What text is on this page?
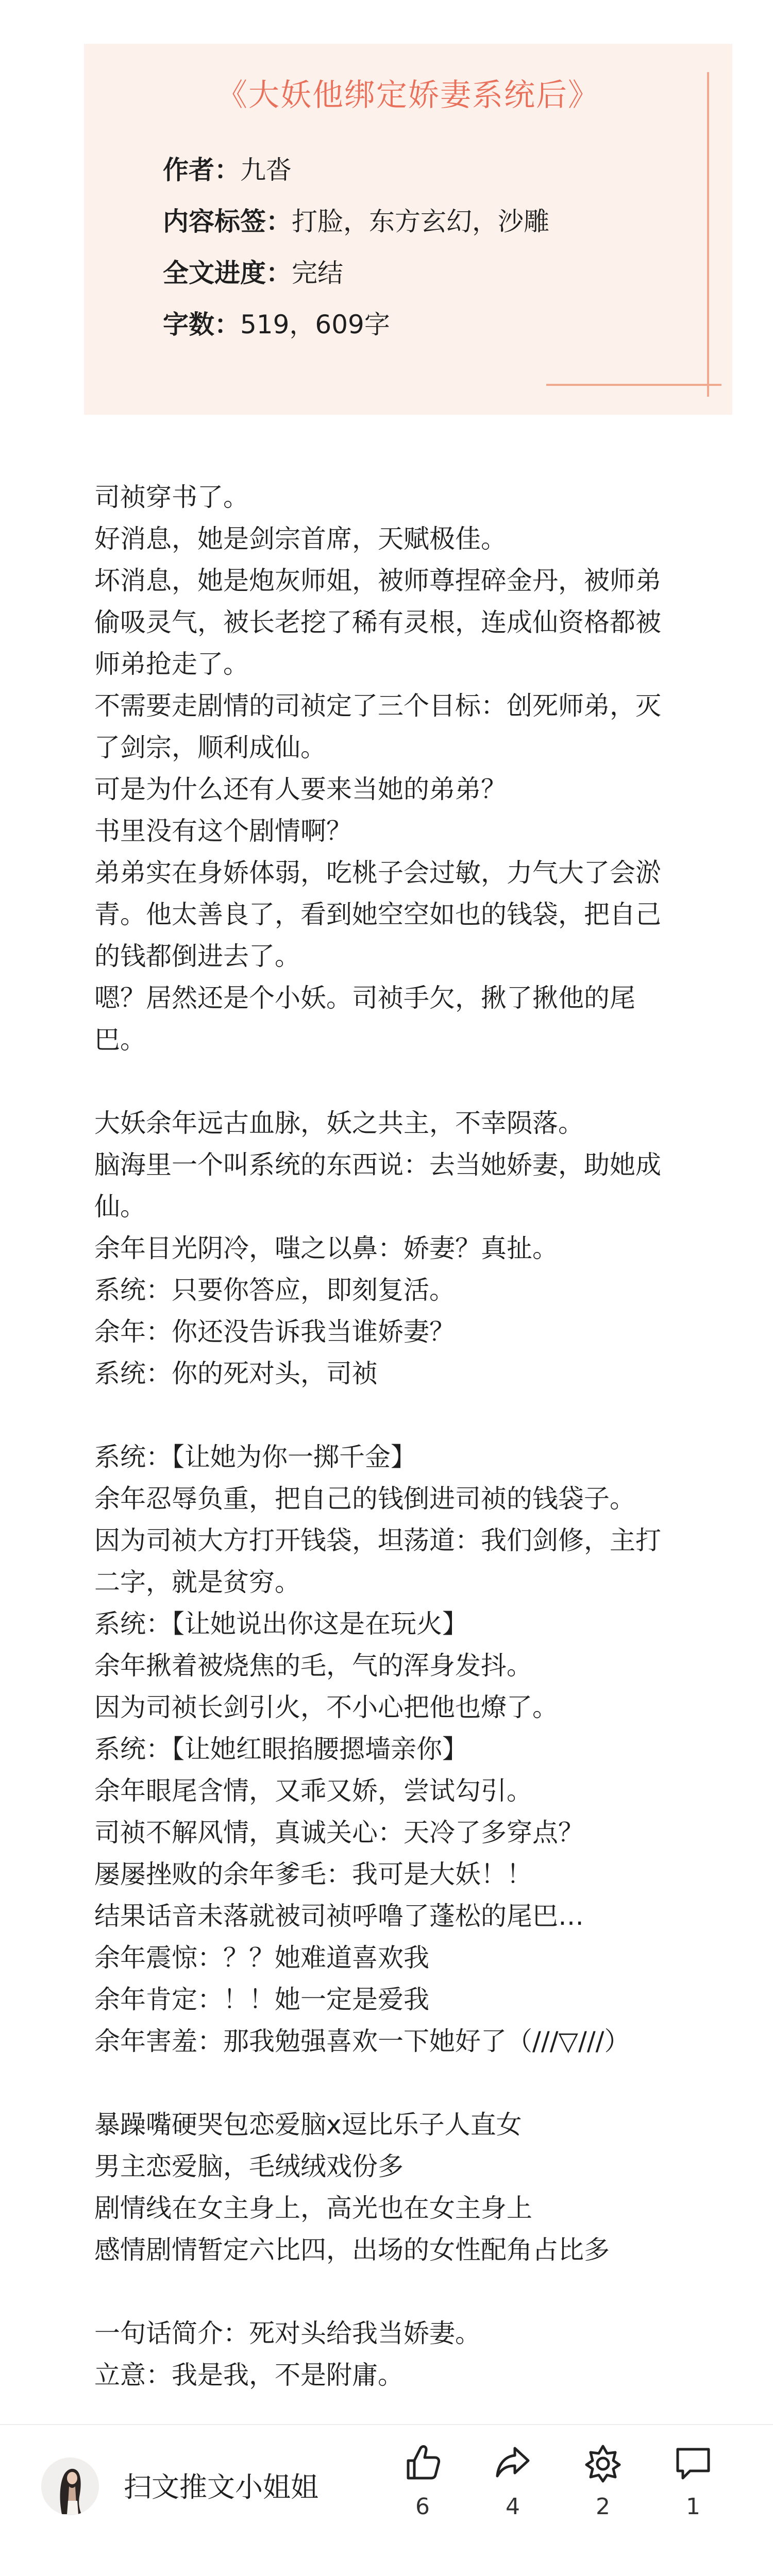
《大妖他绑定娇妻系统后》
作者：九沓
内容标签：打脸，东方玄幻，沙雕
全文进度：完结
字数：519，609字

司祯穿书了。

好消息，她是剑宗首席，天赋极佳。

坏消息，她是炮灰师姐，被师尊捏碎金丹，被师弟偷吸灵气，被长老挖了稀有灵根，连成仙资格都被师弟抢走了。

不需要走剧情的司祯定了三个目标：创死师弟，灭了剑宗，顺利成仙。

可是为什么还有人要来当她的弟弟？

书里没有这个剧情啊？

弟弟实在身娇体弱，吃桃子会过敏，力气大了会淤青。他太善良了，看到她空空如也的钱袋，把自己的钱都倒进去了。

嗯？居然还是个小妖。司祯手欠，揪了揪他的尾巴。

大妖余年远古血脉，妖之共主，不幸陨落。

脑海里一个叫系统的东西说：去当她娇妻，助她成仙。

余年目光阴冷，嗤之以鼻：娇妻？真扯。

系统：只要你答应，即刻复活。

余年：你还没告诉我当谁娇妻？

系统：你的死对头，司祯

系统：【让她为你一掷千金】

余年忍辱负重，把自己的钱倒进司祯的钱袋子。

因为司祯大方打开钱袋，坦荡道：我们剑修，主打二字，就是贫穷。

系统：【让她说出你这是在玩火】

余年揪着被烧焦的毛，气的浑身发抖。

因为司祯长剑引火，不小心把他也燎了。

系统：【让她红眼掐腰摁墙亲你】

余年眼尾含情，又乖又娇，尝试勾引。

司祯不解风情，真诚关心：天冷了多穿点？

屡屡挫败的余年爹毛：我可是大妖！！

结果话音未落就被司祯呼噜了蓬松的尾巴…

余年震惊：？？她难道喜欢我

余年肯定：！！她一定是爱我

余年害羞：那我勉强喜欢一下她好了（///▽///）

暴躁嘴硬哭包恋爱脑x逗比乐子人直女

男主恋爱脑，毛绒绒戏份多

剧情线在女主身上，高光也在女主身上

感情剧情暂定六比四，出场的女性配角占比多

一句话简介：死对头给我当娇妻。

立意：我是我，不是附庸。

扫文推文小姐姐
6	4	2	1
